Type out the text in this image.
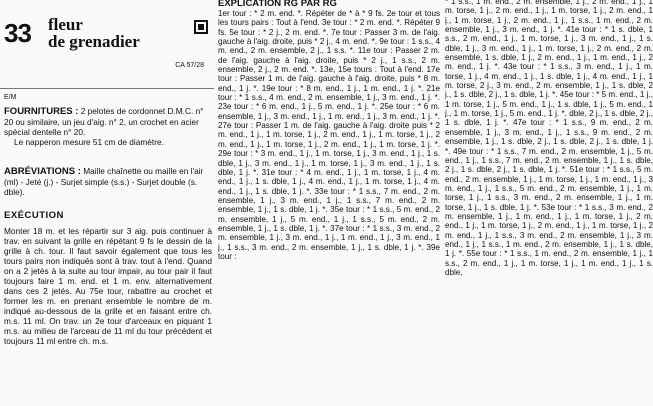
33 fleur
de grenadier
CA 57/28
E/M
FOURNITURES : 2 pelotes de cordonnet D.M.C. n° 20 ou similaire, un jeu d'aig. n° 2, un crochet en acier spécial dentelle n° 20.
Le napperon mesure 51 cm de diamètre.
ABRÉVIATIONS : Maille chaînette ou maille en l'air (ml) - Jeté (j.) - Surjet simple (s.s.) - Surjet double (s. dble).
EXÉCUTION
Monter 18 m. et les répartir sur 3 aig. puis continuer à trav. en suivant la grille en répétant 9 fs le dessin de la grille à ch. tour. Il faut savoir également que tous les tours pairs non indiqués sont à trav. tout à l'end. Quand on a 2 jetés à la suite au tour impair, au tour pair il faut toujours faire 1 m. end. et 1 m. env. alternativement dans ces 2 jetés. Au 75e tour, rabattre au crochet et former les m. en prenant ensemble le nombre de m. indiqué au-dessous de la grille et en faisant entre ch. m.s. 11 ml. On trav. un 2e tour d'arceaux en piquant 1 m.s. au milieu de l'arceau de 11 ml du tour précédent et toujours 11 ml entre ch. m.s.
EXPLICATION RG PAR RG
1er tour : * 2 m. end. *. Répéter de * à * 9 fs. 2e tour et tous les tours pairs : Tout à l'end. 3e tour : * 2 m. end. *. Répéter 9 fs. 5e tour : * 2 j., 2 m. end. *. 7e tour : Passer 3 m. de l'aig. gauche à l'aig. droite, puis * 2 j., 4 m. end. *. 9e tour : 1 s.s., 4 m. end., 2 m. ensemble, 2 j., 1 s.s. *. 11e tour : Passer 2 m. de l'aig. gauche à l'aig. droite, puis * 2 j., 1 s.s., 2 m. ensemble, 2 j., 2 m. end. *. 13e, 15e tours : Tout à l'end. 17e tour : Passer 1 m. de l'aig. gauche à l'aig. droite, puis * 8 m. end., 1 j. *. 19e tour : * 8 m. end., 1 j., 1 m. end., 1 j. *. 21e tour : * 1 s.s., 4 m. end., 2 m. ensemble, 1 j., 3 m. end., 1 j. *. 23e tour : * 6 m. end., 1 j., 5 m. end., 1 j. *. 25e tour : * 6 m. ensemble, 1 j., 3 m. end., 1 j., 1 m. end., 1 j., 3 m. end., 1 j. *. 27e tour : Passer 1 m. de l'aig. gauche à l'aig. droite puis * 2 m. end., 1 j., 1 m. torse, 1 j., 2 m. end., 1 j., 1 m. torse, 1 j., 2 m. end., 1 j., 1 m. torse, 1 j., 2 m. end., 1 j., 1 m. torse, 1 j. *. 29e tour : * 3 m. end., 1 j., 1 m. torse, 1 j., 3 m. end., 1 j., 1 s. dble, 1 j., 3 m. end., 1 j., 1 m. torse, 1 j., 3 m. end., 1 j., 1 s. dble, 1 j. *. 31e tour : * 4 m. end., 1 j., 1 m. torse, 1 j., 4 m. end., 1 j., 1 s. dble, 1 j., 4 m. end., 1 j., 1 m. torse, 1 j., 4 m. end., 1 j., 1 s. dble, 1 j. *. 33e tour : * 1 s.s., 7 m. end., 2 m. ensemble, 1 j., 3 m. end., 1 j., 1 s.s., 7 m. end., 2 m. ensemble, 1 j., 1 s. dble, 1 j. *. 35e tour : * 1 s.s., 5 m. end., 2 m. ensemble, 1 j., 5 m. end., 1 j., 1 s.s., 5 m. end., 2 m. ensemble, 1 j., 1 s. dble, 1 j. *. 37e tour : * 1 s.s., 3 m. end., 2 m. ensemble, 1 j., 3 m. end., 1 j., 1 m. end., 1 j., 3 m. end., 1 j., 1 s.s., 3 m. end., 2 m. ensemble, 1 j., 1 s. dble, 1 j. *. 39e tour :
* 1 s.s., 1 m. end., 2 m. ensemble, 1 j., 2 m. end., 1 j., 1 m. torse, 1 j., 2 m. end., 1 j., 1 m. torse, 1 j., 2 m. end., 1 j., 1 m. torse, 1 j., 2 m. end., 1 j., 1 s.s., 1 m. end., 2 m. ensemble, 1 j., 3 m. end., 1 j. *. 41e tour : * 1 s. dble, 1 s.s., 2 m. end., 1 j., 1 m. torse, 1 j., 3 m. end., 1 j., 1 s. dble, 1 j., 3 m. end., 1 j., 1 m. torse, 1 j., 2 m. end., 2 m. ensemble, 1 s. dble, 1 j., 2 m. end., 1 j., 1 m. end., 1 j., 2 m. end., 1 j. *. 43e tour : * 1 s.s., 3 m. end., 1 j., 1 m. torse, 1 j., 4 m. end., 1 j., 1 s. dble, 1 j., 4 m. end., 1 j., 1 m. torse, 2 j., 3 m. end., 2 m. ensemble, 1 j., 1 s. dble, 2 j., 1 s. dble, 2 j., 1 s. dble, 1 j. *. 45e tour : * 5 m. end., 1 j., 1 m. torse, 1 j., 5 m. end., 1 j., 1 s. dble, 1 j., 5 m. end., 1 j., 1 m. torse, 1 j., 5 m. end., 1 j. *. dble, 2 j., 1 s. dble, 2 j., 1 s. dble, 1 j. *. 47e tour : * 1 s.s., 9 m. end., 2 m. ensemble, 1 j., 3 m. end., 1 j., 1 s.s., 9 m. end., 2 m. ensemble, 1 j., 1 s. dble, 2 j., 1 s. dble, 2 j., 1 s. dble, 1 j. *. 49e tour : * 1 s.s., 7 m. end., 2 m. ensemble, 1 j., 5 m. end., 1 j., 1 s.s., 7 m. end., 2 m. ensemble, 1 j., 1 s. dble, 2 j., 1 s. dble, 2 j., 1 s. dble, 1 j. *. 51e tour : * 1 s.s., 5 m. end., 2 m. ensemble, 1 j., 1 m. torse, 1 j., 1 m. end., 1 j., 3 m. end., 1 j., 1 s.s., 5 m. end., 2 m. ensemble, 1 j., 1 m. torse, 1 j., 1 s.s., 3 m. end., 2 m. ensemble, 1 j., 1 m. torse, 1 j., 1 s. dble, 1 j. *. 53e tour : * 1 s.s., 3 m. end., 2 m. ensemble, 1 j., 1 m. end., 1 j., 1 m. torse, 1 j., 2 m. end., 1 j., 1 m. torse, 1 j., 2 m. end., 1 j., 1 m. torse, 1 j., 2 m. end., 1 j., 1 s.s., 3 m. end., 2 m. ensemble, 1 j., 3 m. end., 1 j., 1 s.s., 1 m. end., 2 m. ensemble, 1 j., 1 s. dble, 1 j. *. 55e tour : * 1 s.s., 1 m. end., 2 m. ensemble, 1 j., 1 s.s., 2 m. end., 1 j., 1 m. torse, 1 j., 1 m. end., 1 j., 1 s. dble,
